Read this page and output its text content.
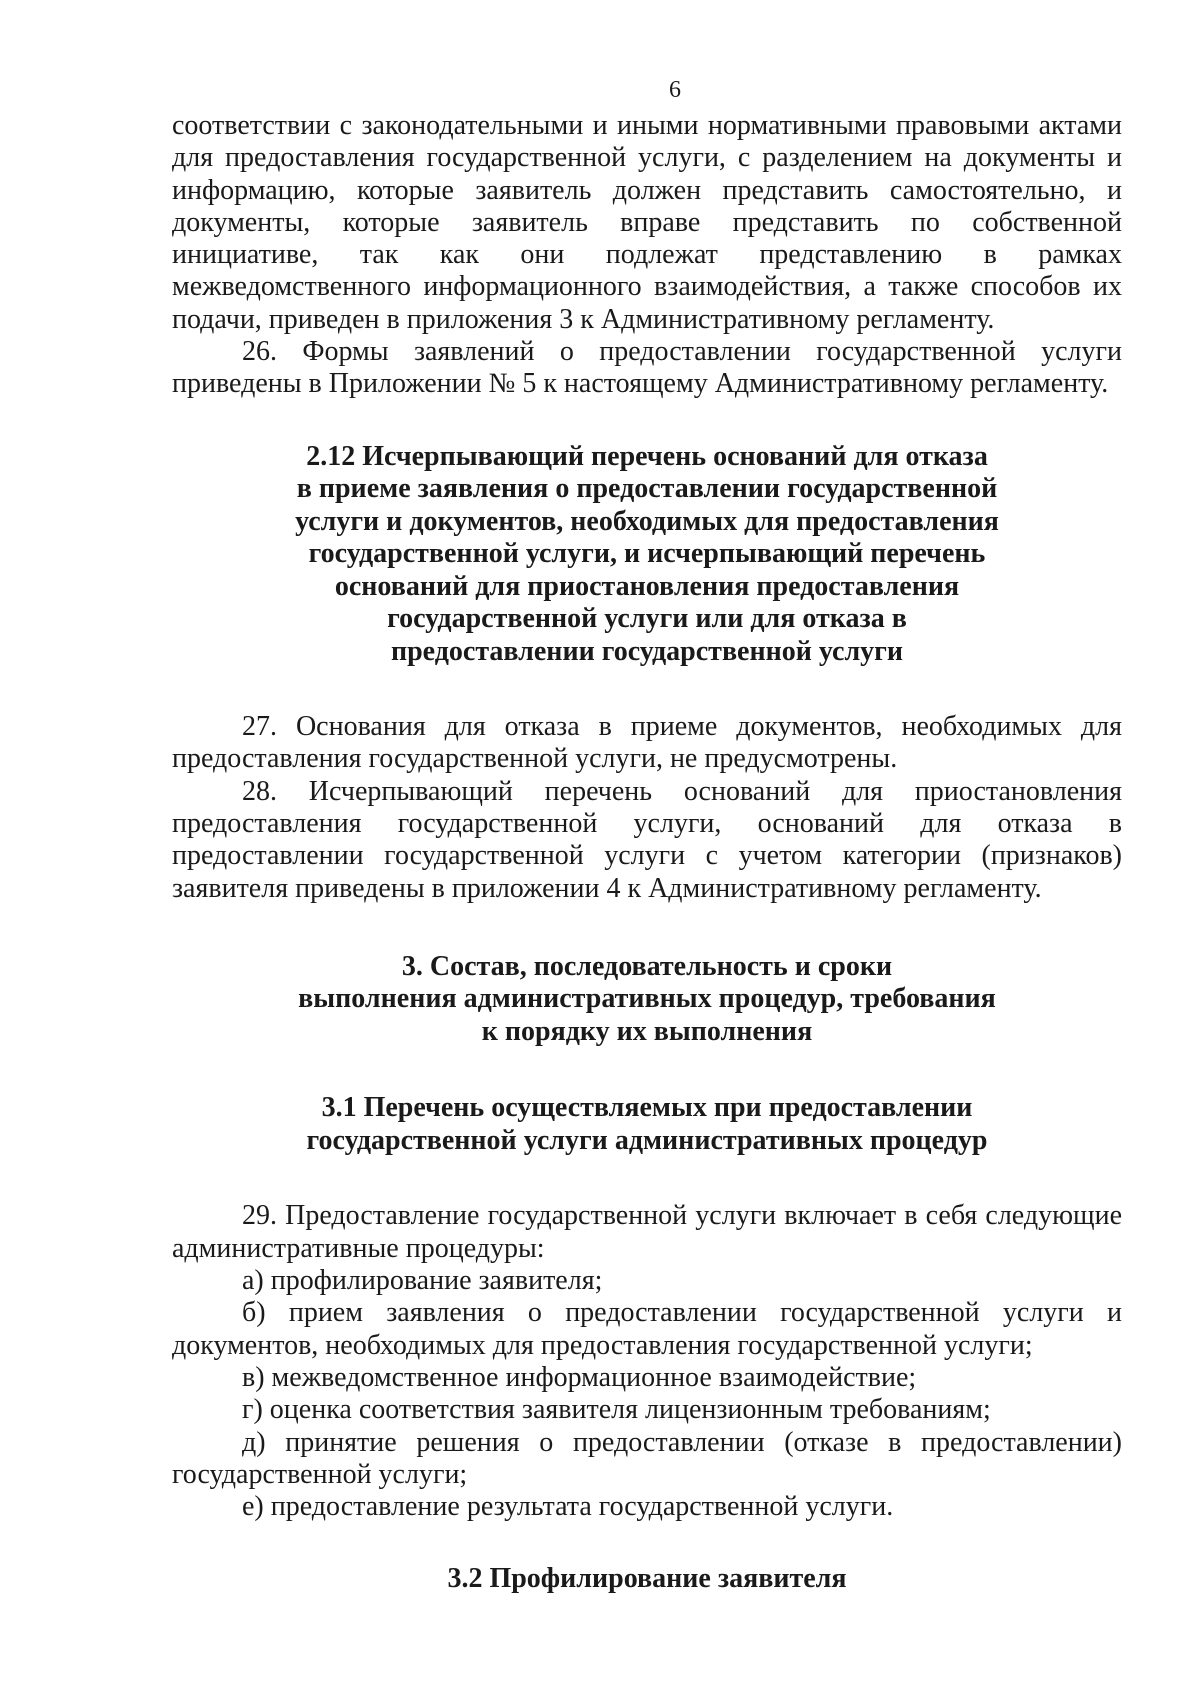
6

соответствии с законодательными и иными нормативными правовыми актами

для предоставления государственной услуги, с разделением на документы и

информацию, которые заявитель должен представить самостоятельно, и

документы, которые заявитель вправе представить по собственной

инициативе, так как они подлежат представлению в рамках

межведомственного информационного взаимодействия, а также способов их

подачи, приведен в приложения 3 к Административному регламенту.

26. Формы заявлений о предоставлении государственной услуги приведены в Приложении № 5 к настоящему Административному регламенту.

2.12 Исчерпывающий перечень оснований для отказа
в приеме заявления о предоставлении государственной
услуги и документов, необходимых для предоставления
государственной услуги, и исчерпывающий перечень
оснований для приостановления предоставления
государственной услуги или для отказа в
предоставлении государственной услуги

27. Основания для отказа в приеме документов, необходимых для предоставления государственной услуги, не предусмотрены.

28. Исчерпывающий перечень оснований для приостановления предоставления государственной услуги, оснований для отказа в предоставлении государственной услуги с учетом категории (признаков) заявителя приведены в приложении 4 к Административному регламенту.

3. Состав, последовательность и сроки
выполнения административных процедур, требования
к порядку их выполнения
3.1 Перечень осуществляемых при предоставлении
государственной услуги административных процедур

29. Предоставление государственной услуги включает в себя следующие административные процедуры:

а) профилирование заявителя;

б) прием заявления о предоставлении государственной услуги и документов, необходимых для предоставления государственной услуги;

в) межведомственное информационное взаимодействие;

г) оценка соответствия заявителя лицензионным требованиям;

д) принятие решения о предоставлении (отказе в предоставлении) государственной услуги;

е) предоставление результата государственной услуги.

3.2 Профилирование заявителя
